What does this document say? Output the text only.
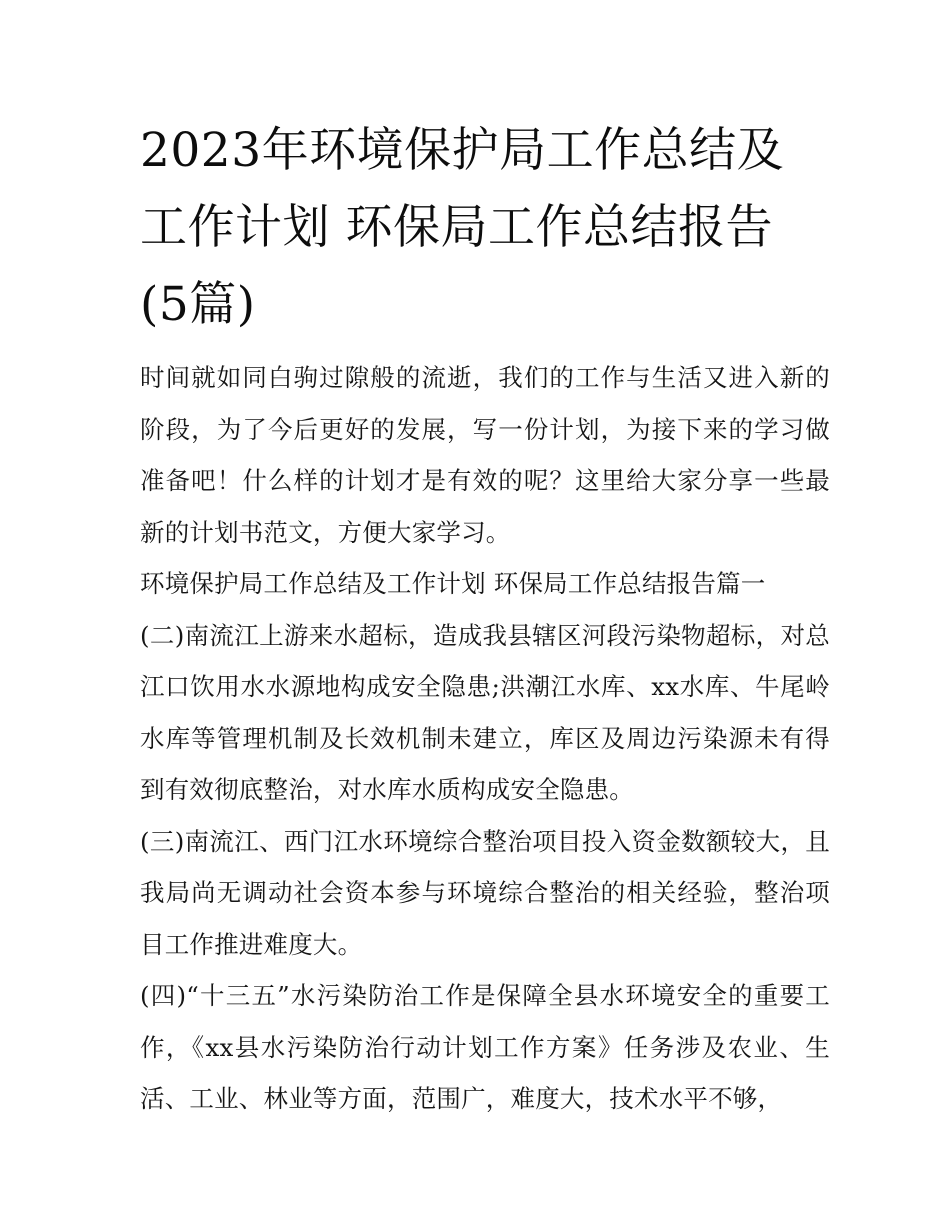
2023年环境保护局工作总结及
工作计划 环保局工作总结报告
(5篇)

时间就如同白驹过隙般的流逝，我们的工作与生活又进入新的阶段，为了今后更好的发展，写一份计划，为接下来的学习做准备吧！什么样的计划才是有效的呢？这里给大家分享一些最新的计划书范文，方便大家学习。

环境保护局工作总结及工作计划 环保局工作总结报告篇一

(二)南流江上游来水超标，造成我县辖区河段污染物超标，对总江口饮用水水源地构成安全隐患;洪潮江水库、xx水库、牛尾岭水库等管理机制及长效机制未建立，库区及周边污染源未有得到有效彻底整治，对水库水质构成安全隐患。

(三)南流江、西门江水环境综合整治项目投入资金数额较大，且我局尚无调动社会资本参与环境综合整治的相关经验，整治项目工作推进难度大。

(四)“十三五”水污染防治工作是保障全县水环境安全的重要工作，《xx县水污染防治行动计划工作方案》任务涉及农业、生活、工业、林业等方面，范围广，难度大，技术水平不够，
